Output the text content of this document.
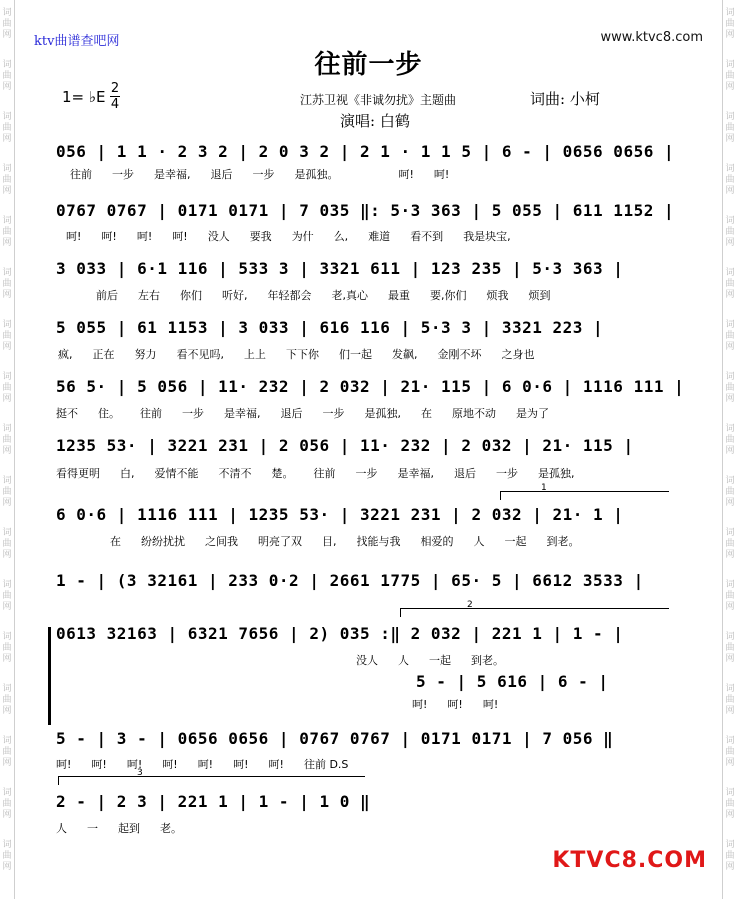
词
曲
网
词
曲
网
词
曲
网
词
曲
网
词
曲
网
词
曲
网
词
曲
网
词
曲
网
词
曲
网
词
曲
网
词
曲
网
词
曲
网
词
曲
网
词
曲
网
词
曲
网
词
曲
网
词
曲
网
词
曲
网
词
曲
网
词
曲
网
词
曲
网
词
曲
网
词
曲
网
词
曲
网
词
曲
网
词
曲
网
词
曲
网
词
曲
网
词
曲
网
词
曲
网
词
曲
网
词
曲
网
词
曲
网
词
曲
网
ktv曲谱查吧网	www.ktvc8.com
往前一步
1= ♭E 2
4	江苏卫视《非诚勿扰》主题曲	词曲: 小柯
演唱: 白鹤
056 | 1 1 · 2 3 2 | 2 0 3 2 | 2 1 · 1 1 5 | 6 - | 0656 0656 |
往前 一步 是幸福, 退后 一步 是孤独。	呵! 呵!
0767 0767 | 0171 0171 | 7 035 ‖: 5·3 363 | 5 055 | 611 1152 |
呵! 呵! 呵! 呵! 没人 要我 为什 么, 难道 看不到 我是块宝,
3 033 | 6·1 116 | 533 3 | 3321 611 | 123 235 | 5·3 363 |
前后 左右 你们 听好, 年轻都会 老,真心 最重 要,你们 烦我 烦到
5 055 | 61 1153 | 3 033 | 616 116 | 5·3 3 | 3321 223 |
疯, 正在 努力 看不见吗, 上上 下下你 们一起 发飙, 金刚不坏 之身也
56 5· | 5 056 | 11· 232 | 2 032 | 21· 115 | 6 0·6 | 1116 111 |
挺不 住。 往前 一步 是幸福, 退后 一步 是孤独, 在 原地不动 是为了
1235 53· | 3221 231 | 2 056 | 11· 232 | 2 032 | 21· 115 |
看得更明 白, 爱情不能 不清不 楚。 往前 一步 是幸福, 退后 一步 是孤独,
1
6 0·6 | 1116 111 | 1235 53· | 3221 231 | 2 032 | 21· 1 |
在 纷纷扰扰 之间我 明亮了双 目, 找能与我 相爱的 人 一起 到老。
1 - | (3 32161 | 233 0·2 | 2661 1775 | 65· 5 | 6612 3533 |
2
0613 32163 | 6321 7656 | 2) 035 :‖ 2 032 | 221 1 | 1 - |
没人 人 一起 到老。
5 - | 5 616 | 6 - |
呵! 呵! 呵!
5 - | 3 - | 0656 0656 | 0767 0767 | 0171 0171 | 7 056 ‖
呵! 呵! 呵! 呵! 呵! 呵! 呵! 往前 D.S
3
2 - | 2 3 | 221 1 | 1 - | 1 0 ‖
人 一 起到 老。
KTVC8.COM
